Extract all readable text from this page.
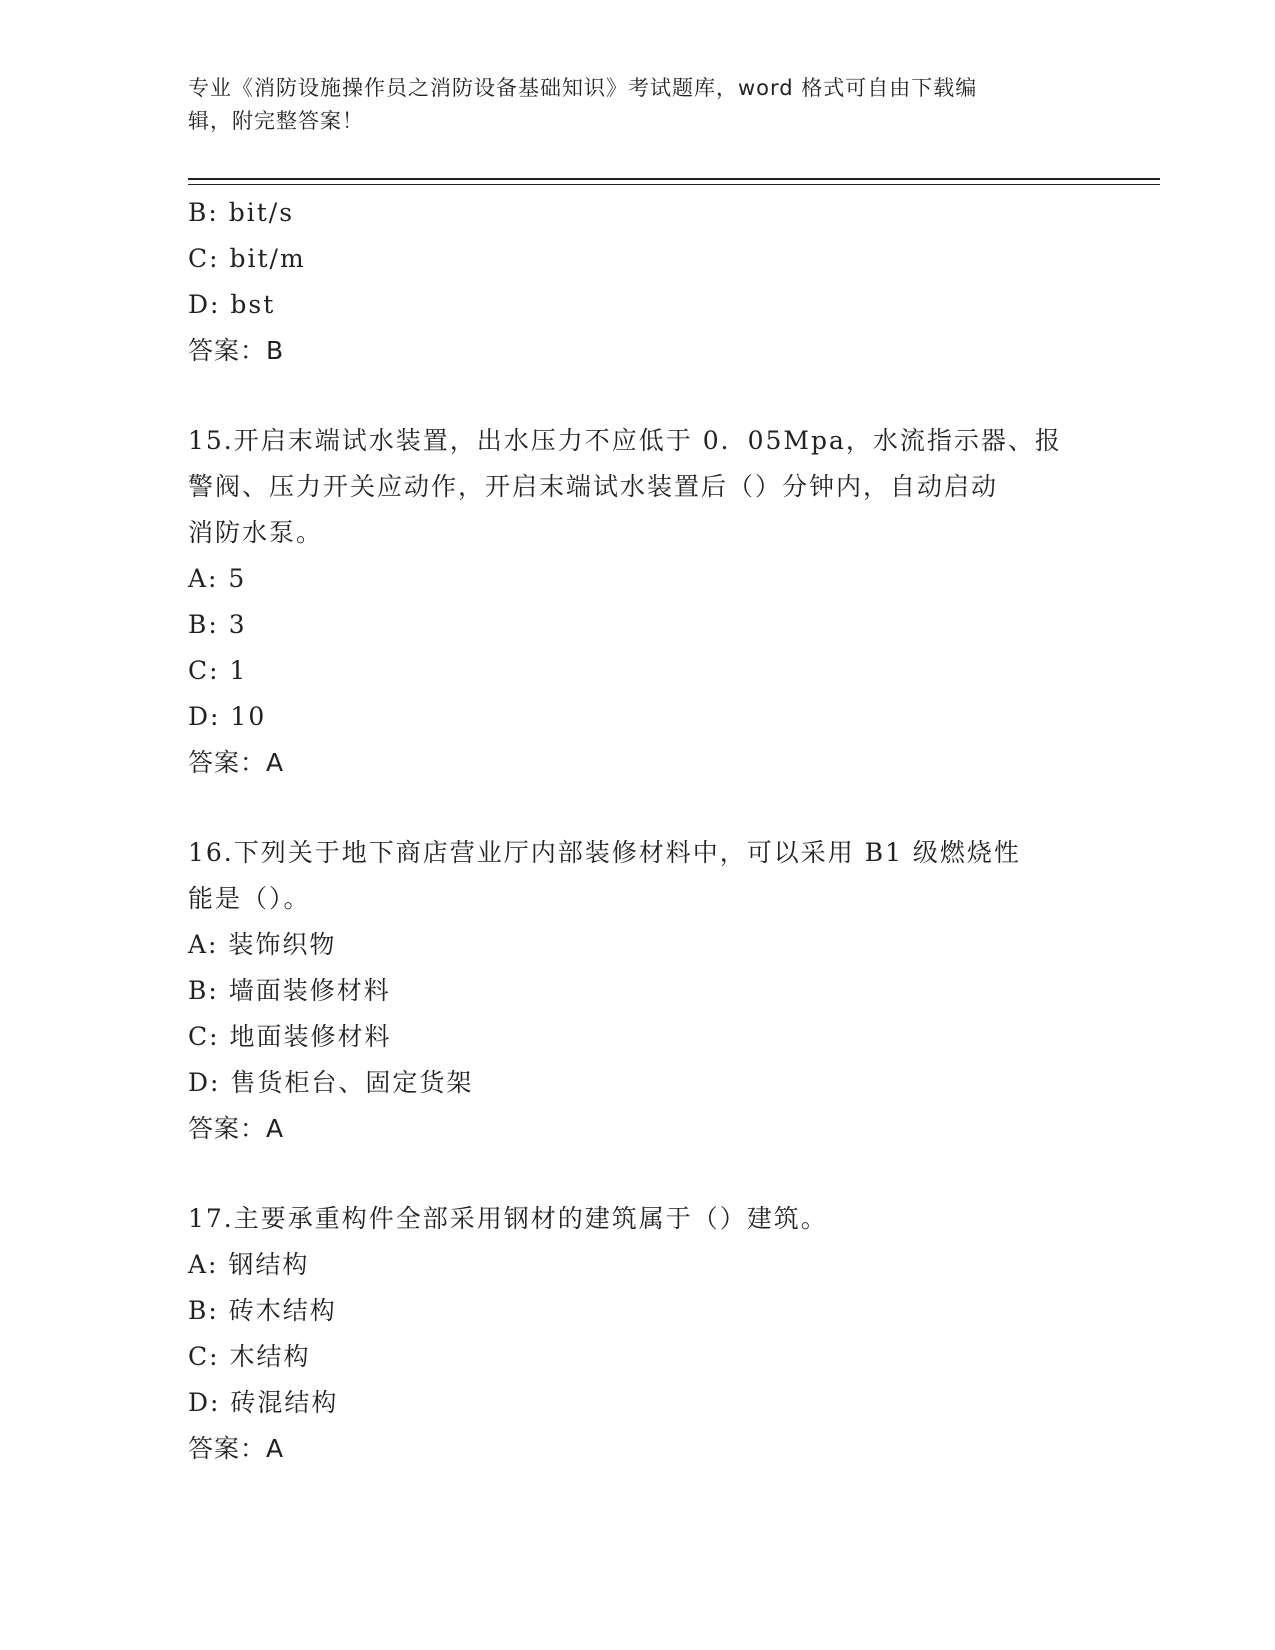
专业《消防设施操作员之消防设备基础知识》考试题库，word 格式可自由下载编
辑，附完整答案！
B: bit/s
C: bit/m
D: bst
答案：B
15.开启末端试水装置，出水压力不应低于 0．05Mpa，水流指示器、报
警阀、压力开关应动作，开启末端试水装置后（）分钟内，自动启动
消防水泵。
A: 5
B: 3
C: 1
D: 10
答案：A
16.下列关于地下商店营业厅内部装修材料中，可以采用 B1 级燃烧性
能是（）。
A: 装饰织物
B: 墙面装修材料
C: 地面装修材料
D: 售货柜台、固定货架
答案：A
17.主要承重构件全部采用钢材的建筑属于（）建筑。
A: 钢结构
B: 砖木结构
C: 木结构
D: 砖混结构
答案：A
